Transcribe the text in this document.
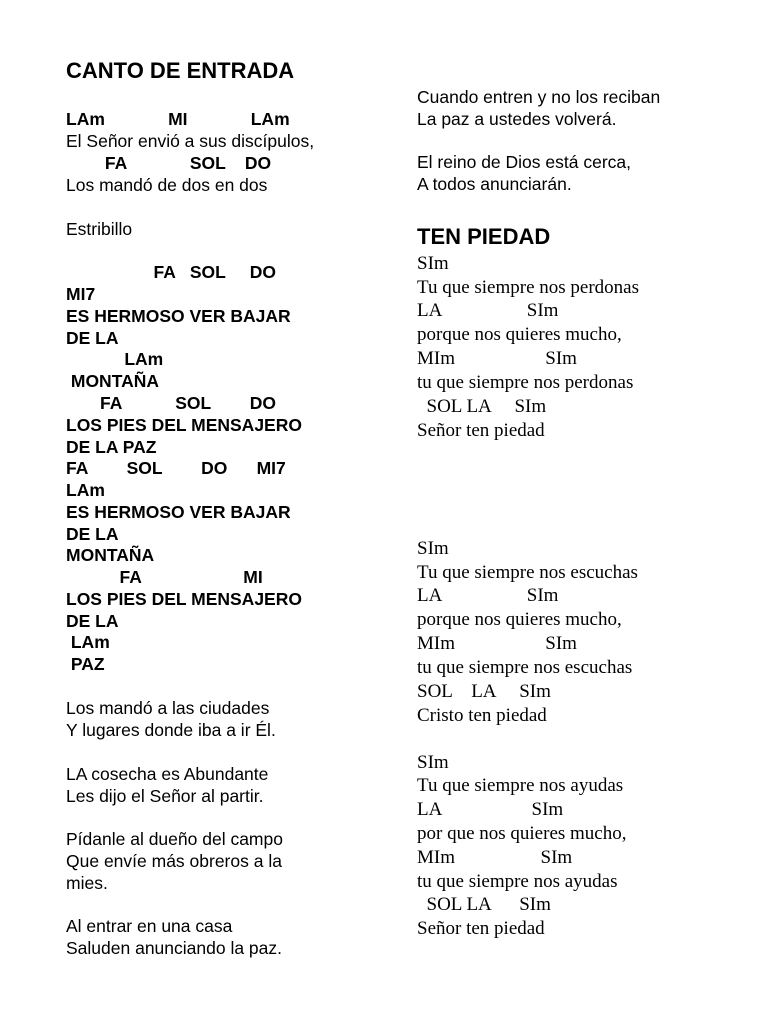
CANTO DE ENTRADA
LAm             MI             LAm
El Señor envió a sus discípulos,
FA             SOL    DO
Los mandó de dos en dos
Estribillo
FA   SOL     DO
MI7
ES HERMOSO VER BAJAR
DE LA
LAm
MONTAÑA
FA           SOL        DO
LOS PIES DEL MENSAJERO
DE LA PAZ
FA        SOL        DO      MI7
LAm
ES HERMOSO VER BAJAR
DE LA
MONTAÑA
FA                     MI
LOS PIES DEL MENSAJERO
DE LA
LAm
PAZ
Los mandó a las ciudades
Y lugares donde iba a ir Él.
LA cosecha es Abundante
Les dijo el Señor al partir.
Pídanle al dueño del campo
Que envíe más obreros a la
mies.
Al entrar en una casa
Saluden anunciando la paz.
Cuando entren y no los reciban
La paz a ustedes volverá.
El reino de Dios está cerca,
A todos anunciarán.
TEN PIEDAD
SIm
Tu que siempre nos perdonas
LA                  SIm
porque nos quieres mucho,
MIm                   SIm
tu que siempre nos perdonas
SOL LA     SIm
Señor ten piedad
SIm
Tu que siempre nos escuchas
LA                  SIm
porque nos quieres mucho,
MIm                   SIm
tu que siempre nos escuchas
SOL    LA     SIm
Cristo ten piedad
SIm
Tu que siempre nos ayudas
LA                   SIm
por que nos quieres mucho,
MIm                  SIm
tu que siempre nos ayudas
SOL LA      SIm
Señor ten piedad
